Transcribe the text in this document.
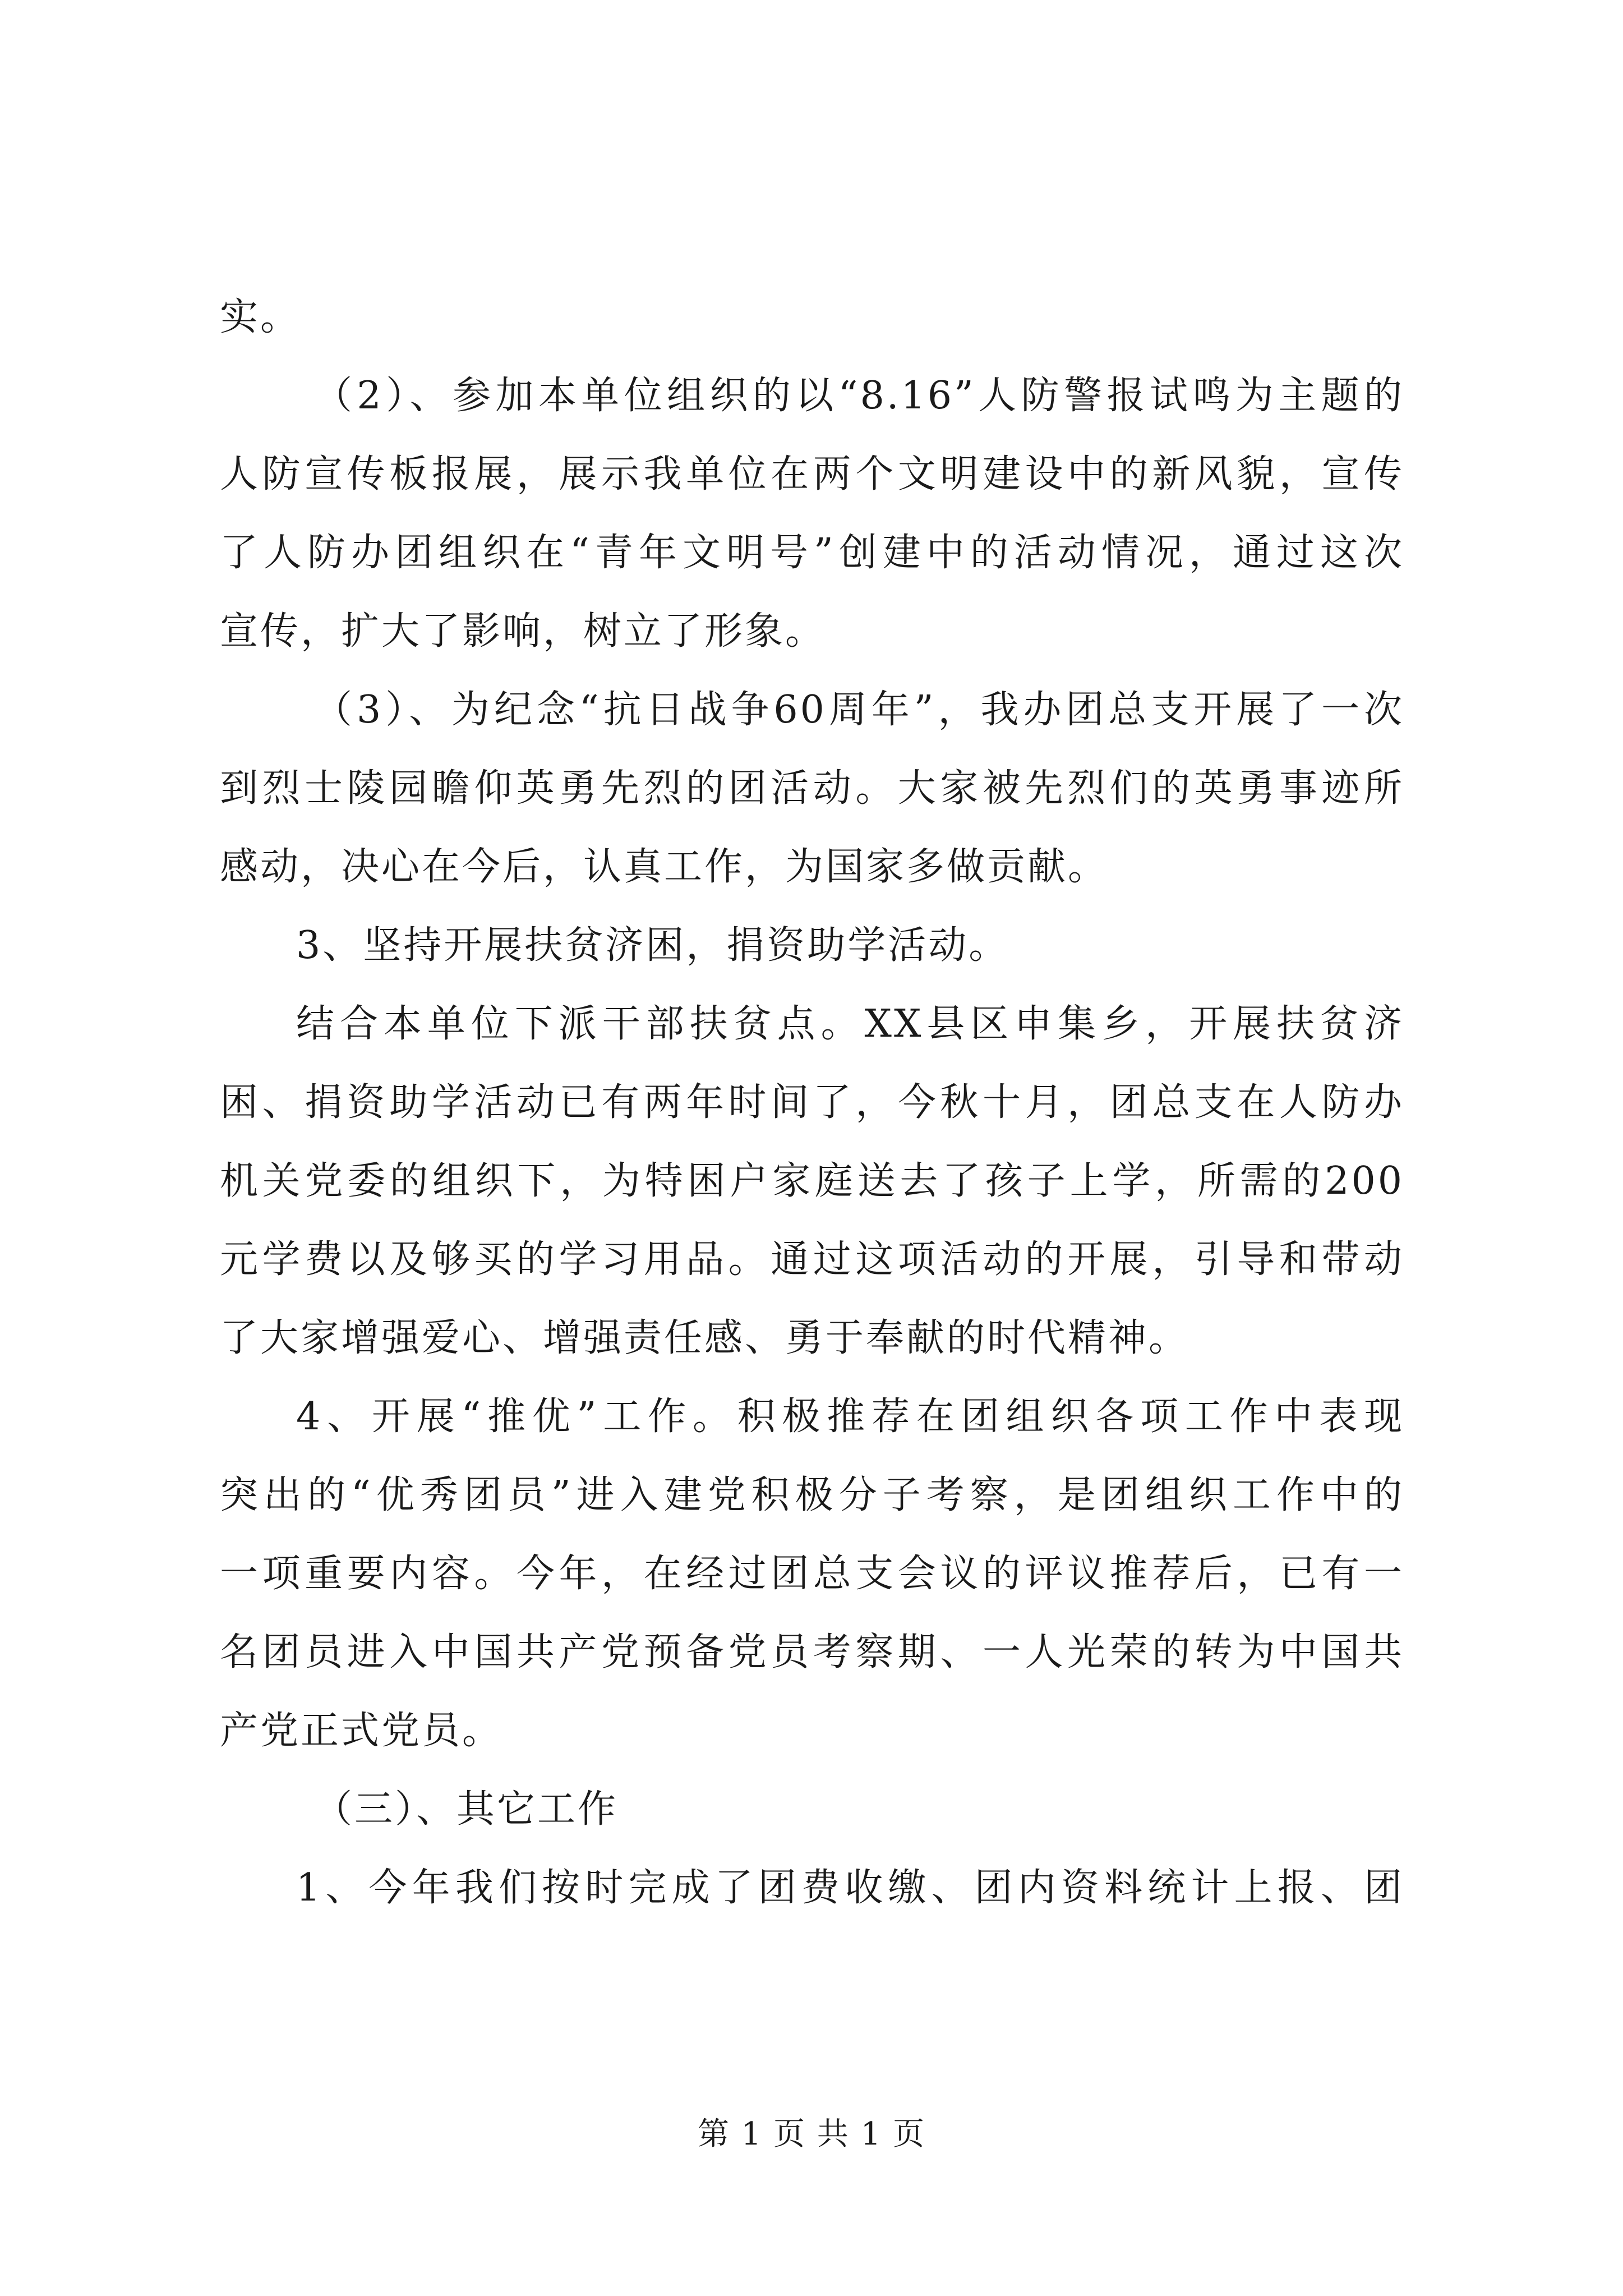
实。

（2）、参加本单位组织的以“8.16”人防警报试鸣为主题的
人防宣传板报展，展示我单位在两个文明建设中的新风貌，宣传
了人防办团组织在“青年文明号”创建中的活动情况，通过这次
宣传，扩大了影响，树立了形象。

（3）、为纪念“抗日战争60周年”，我办团总支开展了一次
到烈士陵园瞻仰英勇先烈的团活动。大家被先烈们的英勇事迹所
感动，决心在今后，认真工作，为国家多做贡献。

3、坚持开展扶贫济困，捐资助学活动。

结合本单位下派干部扶贫点。XX县区申集乡，开展扶贫济
困、捐资助学活动已有两年时间了，今秋十月，团总支在人防办
机关党委的组织下，为特困户家庭送去了孩子上学，所需的200
元学费以及够买的学习用品。通过这项活动的开展，引导和带动
了大家增强爱心、增强责任感、勇于奉献的时代精神。

4、开展“推优”工作。积极推荐在团组织各项工作中表现
突出的“优秀团员”进入建党积极分子考察，是团组织工作中的
一项重要内容。今年，在经过团总支会议的评议推荐后，已有一
名团员进入中国共产党预备党员考察期、一人光荣的转为中国共
产党正式党员。

（三）、其它工作

1、今年我们按时完成了团费收缴、团内资料统计上报、团

第 1 页 共 1 页
